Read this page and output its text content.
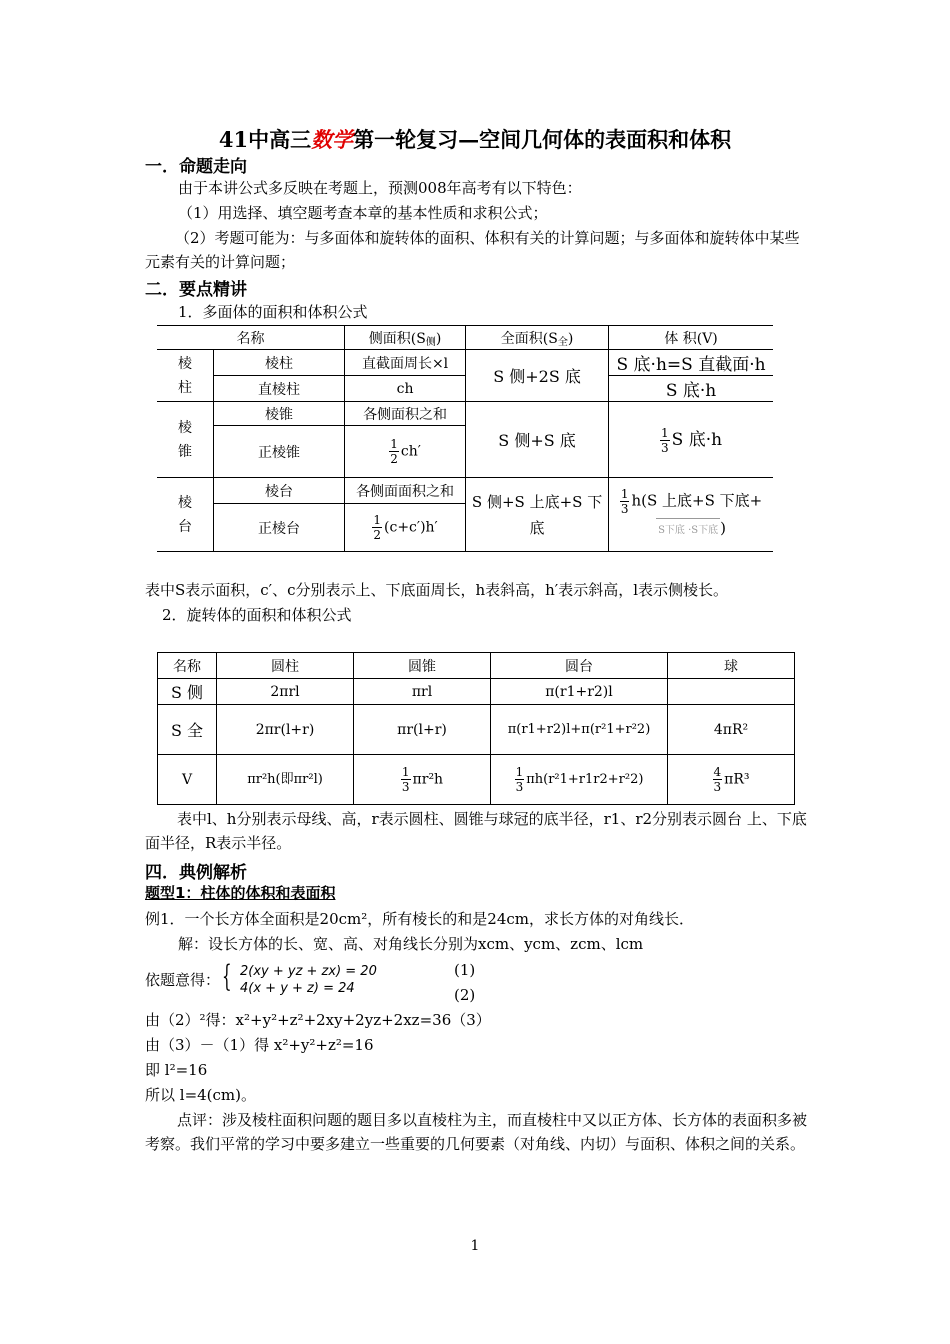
41中高三数学第一轮复习—空间几何体的表面积和体积
一．命题走向
由于本讲公式多反映在考题上，预测008年高考有以下特色：
（1）用选择、填空题考查本章的基本性质和求积公式；
（2）考题可能为：与多面体和旋转体的面积、体积有关的计算问题；与多面体和旋转体中某些元素有关的计算问题；
二．要点精讲
1．多面体的面积和体积公式
名称		侧面积$(S_侧)$	全面积$(S_全)$	体 积(V)
棱柱	棱柱	直截面周长×l	S 侧+2S 底	S 底·h=S 直截面·h
	直棱柱	ch		S 底·h
棱锥	棱锥	各侧面积之和	S 侧+S 底	$\frac{1}{3}$ S 底·h
	正棱锥	$\frac{1}{2} ch'$		
棱台	棱台	各侧面面积之和	S 侧+S 上底+S 下底	$\frac{1}{3} h(S$ 上底+S 下底+
S下底 ·S下底 )
	正棱台	$\frac{1}{2} (c+c')h'$		
表中S表示面积，c′、c分别表示上、下底面周长，h表斜高，h′表示斜高，l表示侧棱长。
2．旋转体的面积和体积公式
名称	圆柱	圆锥	圆台	球
S 侧	2πrl	πrl	π(r1+r2)l	
S 全	2πr(l+r)	πr(l+r)	π(r1+r2)l+π(r²1+r²2)	4πR²
V	πr²h(即πr²l)	$\frac{1}{3} \pi r^2h$	$\frac{1}{3} \pi h(r^21+r1r2+r^22)$	$\frac{4}{3} \pi R^3$
表中l、h分别表示母线、高，r表示圆柱、圆锥与球冠的底半径，r1、r2分别表示圆台 上、下底面半径，R表示半径。
四．典例解析
题型1：柱体的体积和表面积
例1．一个长方体全面积是20cm²，所有棱长的和是24cm，求长方体的对角线长．
解：设长方体的长、宽、高、对角线长分别为xcm、ycm、zcm、lcm
依题意得： { 2(xy + yz + zx) = 20
4(x + y + z) = 24
(1)
(2)
由（2）²得：x²+y²+z²+2xy+2yz+2xz=36（3）
由（3）－（1）得 x²+y²+z²=16
即 l²=16
所以 l=4(cm)。
点评：涉及棱柱面积问题的题目多以直棱柱为主，而直棱柱中又以正方体、长方体的表面积多被考察。我们平常的学习中要多建立一些重要的几何要素（对角线、内切）与面积、体积之间的关系。
1
